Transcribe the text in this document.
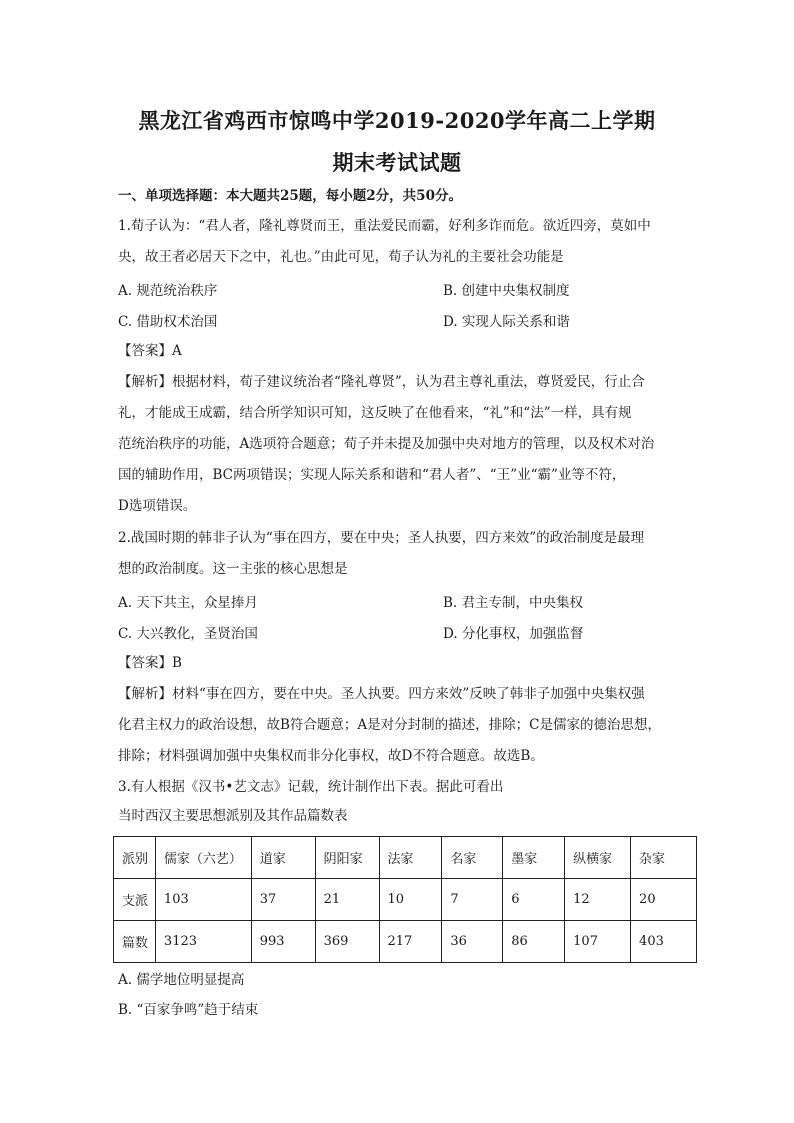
黑龙江省鸡西市惊鸣中学2019-2020学年高二上学期
期末考试试题
一、单项选择题：本大题共25题，每小题2分，共50分。
1.荀子认为：“君人者，隆礼尊贤而王，重法爱民而霸，好利多诈而危。欲近四旁，莫如中
央，故王者必居天下之中，礼也。”由此可见，荀子认为礼的主要社会功能是
A. 规范统治秩序	B. 创建中央集权制度
C. 借助权术治国	D. 实现人际关系和谐
【答案】A
【解析】根据材料，荀子建议统治者“隆礼尊贤”，认为君主尊礼重法，尊贤爱民，行止合
礼，才能成王成霸，结合所学知识可知，这反映了在他看来，“礼”和“法”一样，具有规
范统治秩序的功能，A选项符合题意；荀子并未提及加强中央对地方的管理，以及权术对治
国的辅助作用，BC两项错误；实现人际关系和谐和“君人者”、“王”业“霸”业等不符，
D选项错误。
2.战国时期的韩非子认为“事在四方，要在中央；圣人执要，四方来效”的政治制度是最理
想的政治制度。这一主张的核心思想是
A. 天下共主，众星捧月	B. 君主专制，中央集权
C. 大兴教化，圣贤治国	D. 分化事权，加强监督
【答案】B
【解析】材料“事在四方，要在中央。圣人执要。四方来效”反映了韩非子加强中央集权强
化君主权力的政治设想，故B符合题意；A是对分封制的描述，排除；C是儒家的德治思想，
排除；材料强调加强中央集权而非分化事权，故D不符合题意。故选B。
3.有人根据《汉书•艺文志》记载，统计制作出下表。据此可看出
当时西汉主要思想派别及其作品篇数表
派别	儒家（六艺）	道家	阴阳家	法家	名家	墨家	纵横家	杂家
支派	103	37	21	10	7	6	12	20
篇数	3123	993	369	217	36	86	107	403
A. 儒学地位明显提高
B. “百家争鸣”趋于结束
